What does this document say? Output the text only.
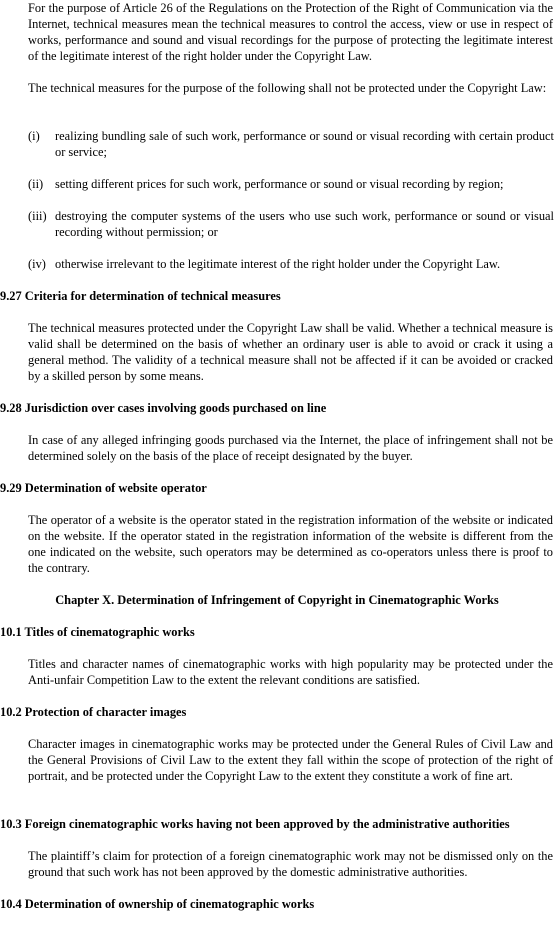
For the purpose of Article 26 of the Regulations on the Protection of the Right of Communication via the Internet, technical measures mean the technical measures to control the access, view or use in respect of works, performance and sound and visual recordings for the purpose of protecting the legitimate interest of the legitimate interest of the right holder under the Copyright Law.

The technical measures for the purpose of the following shall not be protected under the Copyright Law:

(i) realizing bundling sale of such work, performance or sound or visual recording with certain product or service;
(ii) setting different prices for such work, performance or sound or visual recording by region;
(iii) destroying the computer systems of the users who use such work, performance or sound or visual recording without permission; or
(iv) otherwise irrelevant to the legitimate interest of the right holder under the Copyright Law.
9.27 Criteria for determination of technical measures

The technical measures protected under the Copyright Law shall be valid. Whether a technical measure is valid shall be determined on the basis of whether an ordinary user is able to avoid or crack it using a general method. The validity of a technical measure shall not be affected if it can be avoided or cracked by a skilled person by some means.

9.28 Jurisdiction over cases involving goods purchased on line

In case of any alleged infringing goods purchased via the Internet, the place of infringement shall not be determined solely on the basis of the place of receipt designated by the buyer.

9.29 Determination of website operator

The operator of a website is the operator stated in the registration information of the website or indicated on the website. If the operator stated in the registration information of the website is different from the one indicated on the website, such operators may be determined as co-operators unless there is proof to the contrary.

Chapter X. Determination of Infringement of Copyright in Cinematographic Works
10.1 Titles of cinematographic works

Titles and character names of cinematographic works with high popularity may be protected under the Anti-unfair Competition Law to the extent the relevant conditions are satisfied.

10.2 Protection of character images

Character images in cinematographic works may be protected under the General Rules of Civil Law and the General Provisions of Civil Law to the extent they fall within the scope of protection of the right of portrait, and be protected under the Copyright Law to the extent they constitute a work of fine art.

10.3 Foreign cinematographic works having not been approved by the administrative authorities

The plaintiff’s claim for protection of a foreign cinematographic work may not be dismissed only on the ground that such work has not been approved by the domestic administrative authorities.

10.4 Determination of ownership of cinematographic works
